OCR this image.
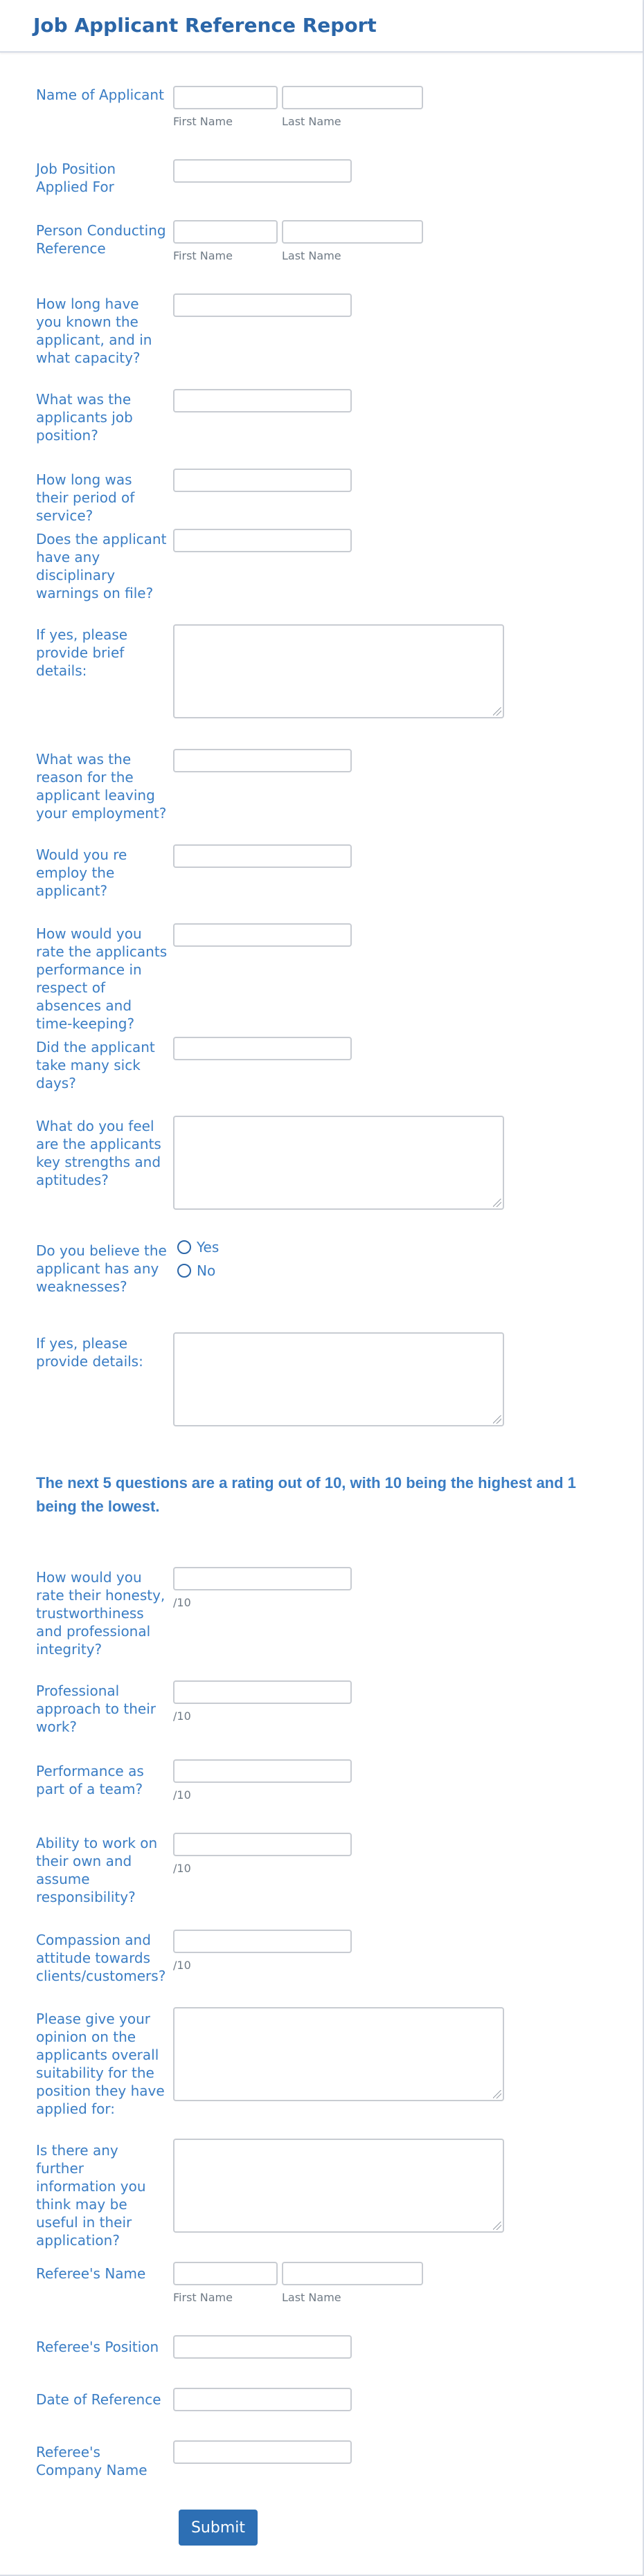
Job Applicant Reference Report
Name of Applicant
First Name	Last Name
Job Position Applied For
Person Conducting Reference	First Name	Last Name
How long have you known the applicant, and in what capacity?
What was the applicants job position?
How long was their period of service?
Does the applicant have any disciplinary warnings on file?
If yes, please provide brief details:
What was the reason for the applicant leaving your employment?
Would you re employ the applicant?
How would you rate the applicants performance in respect of absences and time-keeping?
Did the applicant take many sick days?
What do you feel are the applicants key strengths and aptitudes?
Do you believe the applicant has any weaknesses?
Yes
No
If yes, please provide details:
The next 5 questions are a rating out of 10, with 10 being the highest and 1 being the lowest.
How would you rate their honesty, trustworthiness and professional integrity?
/10
Professional approach to their work?
/10
Performance as part of a team?	/10
Ability to work on their own and assume responsibility?
/10
Compassion and attitude towards clients/customers?
/10
Please give your opinion on the applicants overall suitability for the position they have applied for:
Is there any further information you think may be useful in their application?
Referee's Name
First Name	Last Name
Referee's Position
Date of Reference
Referee's Company Name
Submit
